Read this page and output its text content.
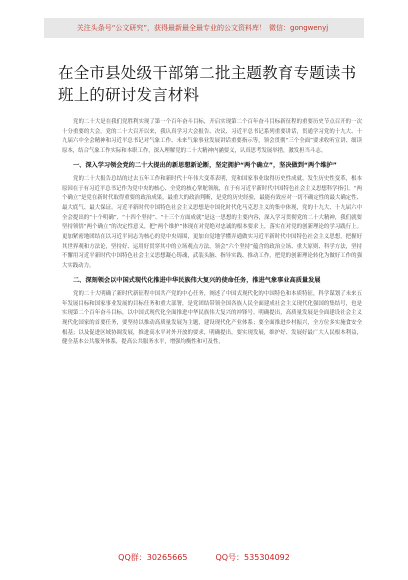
关注头条号“公文研究”，获得最新最全最专业的公文资料库！ 微信：gongwenyj
在全市县处级干部第二批主题教育专题读书班上的研讨发言材料

党的二十大是在我们党胜利实现了第一个百年奋斗目标，开启实现第二个百年奋斗目标新征程的重要历史节点召开的一次十分重要的大会。党的二十大召开以来，我认真学习大会报告、决议、习近平总书记系列重要讲话，贯通学习党的十九大、十九届六中全会精神和习近平总书记对气象工作、未来气象事业发展讲话重要指示等，领会贯彻“三个全面”要求收听宣讲、细读原本，结合气象工作实际和本职工作，深入理解党的二十大精神内涵要义，认真思考发展举措，激发担当斗志。

一、深入学习领会党的二十大提出的新思想新论断，坚定拥护“两个确立”，坚决做到“两个维护”

党的二十大报告总结的过去五年工作和新时代十年伟大变革表明，党和国家事业取得历史性成就、发生历史性变革，根本原因在于有习近平总书记作为党中央的核心、全党的核心掌舵领航，在于有习近平新时代中国特色社会主义思想科学指引。“两个确立”是党在新时代取得重要的政治成果，最重大的政治判断，是党的历史经验，最能有效应对一切不确定性的最大确定性、最大底气、最大保证。习近平新时代中国特色社会主义思想是中国化时代化马克思主义的集中体现，党的十九大、十九届六中全会提出的“十个明确”、“十四个坚持”、“十三个方面成就”是这一思想的主要内容，深入学习贯彻党的二十大精神，我们就要坚持领悟“两个确立”的决定性意义，把“两个维护”体现在对党绝对忠诚的根本要求上，落实在对党的创新理论的学习践行上。更加紧密地团结在以习近平同志为核心的党中央周围，更加自觉地学懂弄通做实习近平新时代中国特色社会主义思想，把握好其世界观和方法论，坚持好、运用好贯穿其中的立场观点方法，领会“六个坚持”蕴含的政治立场、重大原则、科学方法，坚持不懈用习近平新时代中国特色社会主义思想凝心铸魂，武装头脑、指导实践、推动工作，把党的创新理论转化为做好工作的强大实践动力。

二、深刻领会以中国式现代化推进中华民族伟大复兴的使命任务，推进气象事业高质量发展

党的二十大明确了新时代新征程中国共产党的中心任务，阐述了中国式现代化的中国特色和本质特征，科学谋划了未来五年发展目标和国家事业发展的目标任务和重大部署，是党团结带领全国各族人民全面建成社会主义现代化强国的集结号，也是实现第二个百年奋斗目标，以中国式现代化全面推进中华民族伟大复兴的冲锋号。明确提出，高质量发展是全面建设社会主义现代化国家的首要任务，要坚持以推动高质量发展为主题，建设现代化产业体系；要全面推进乡村振兴，全方位多实施食安全根基；以及促进区域协调发展，推进高水平对外开放的要求，明确提出，要实现发展，维护好、发展好最广大人民根本利益，健全基本公共服务体系，提高公共服务水平，增强均衡性和可及性，

QQ群：30265665	QQ号：535304092
